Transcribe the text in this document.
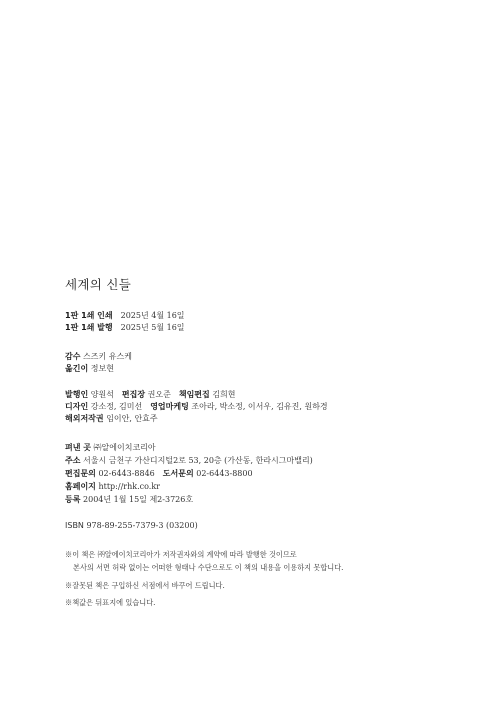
세계의 신들
1판 1쇄 인쇄 2025년 4월 16일
1판 1쇄 발행 2025년 5월 16일
감수 스즈키 유스케
옮긴이 정보현
발행인 양원석 편집장 권오준 책임편집 김희현
디자인 강소정, 김미선 영업마케팅 조아라, 박소정, 이서우, 김유진, 원하경
해외저작권 임이안, 안효주
펴낸 곳 ㈜알에이치코리아
주소 서울시 금천구 가산디지털2로 53, 20층 (가산동, 한라시그마밸리)
편집문의 02-6443-8846 도서문의 02-6443-8800
홈페이지 http://rhk.co.kr
등록 2004년 1월 15일 제2-3726호
ISBN 978-89-255-7379-3 (03200)
※이 책은 ㈜알에이치코리아가 저작권자와의 계약에 따라 발행한 것이므로
본사의 서면 허락 없이는 어떠한 형태나 수단으로도 이 책의 내용을 이용하지 못합니다.
※잘못된 책은 구입하신 서점에서 바꾸어 드립니다.
※책값은 뒤표지에 있습니다.
